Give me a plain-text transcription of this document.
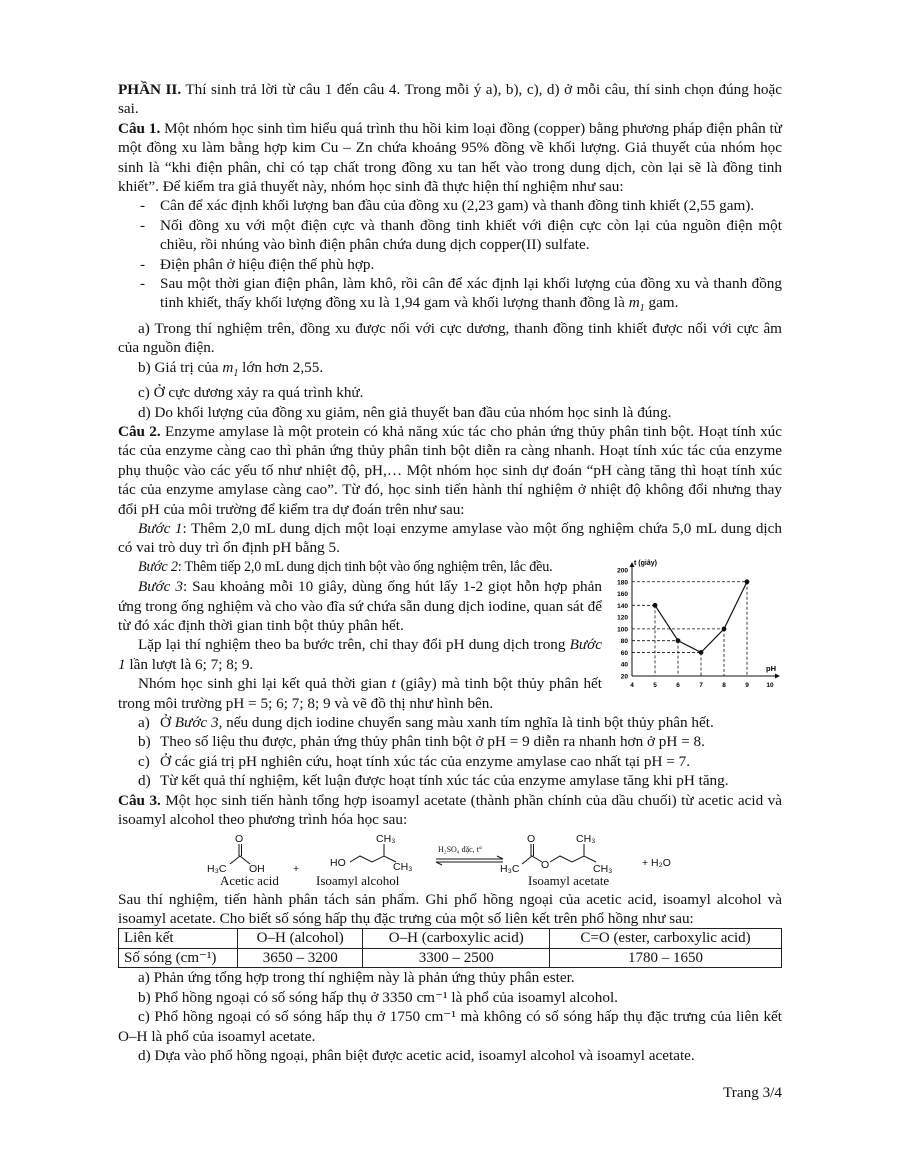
PHẦN II. Thí sinh trả lời từ câu 1 đến câu 4. Trong mỗi ý a), b), c), d) ở mỗi câu, thí sinh chọn đúng hoặc sai.

Câu 1. Một nhóm học sinh tìm hiểu quá trình thu hồi kim loại đồng (copper) bằng phương pháp điện phân từ một đồng xu làm bằng hợp kim Cu – Zn chứa khoảng 95% đồng về khối lượng. Giả thuyết của nhóm học sinh là “khi điện phân, chỉ có tạp chất trong đồng xu tan hết vào trong dung dịch, còn lại sẽ là đồng tinh khiết”. Để kiểm tra giả thuyết này, nhóm học sinh đã thực hiện thí nghiệm như sau:

- Cân để xác định khối lượng ban đầu của đồng xu (2,23 gam) và thanh đồng tinh khiết (2,55 gam).
- Nối đồng xu với một điện cực và thanh đồng tinh khiết với điện cực còn lại của nguồn điện một chiều, rồi nhúng vào bình điện phân chứa dung dịch copper(II) sulfate.
- Điện phân ở hiệu điện thế phù hợp.
- Sau một thời gian điện phân, làm khô, rồi cân để xác định lại khối lượng của đồng xu và thanh đồng tinh khiết, thấy khối lượng đồng xu là 1,94 gam và khối lượng thanh đồng là $m_1$ gam.

a) Trong thí nghiệm trên, đồng xu được nối với cực dương, thanh đồng tinh khiết được nối với cực âm của nguồn điện.

b) Giá trị của $m_1$ lớn hơn 2,55.

c) Ở cực dương xảy ra quá trình khử.

d) Do khối lượng của đồng xu giảm, nên giả thuyết ban đầu của nhóm học sinh là đúng.

Câu 2. Enzyme amylase là một protein có khả năng xúc tác cho phản ứng thủy phân tinh bột. Hoạt tính xúc tác của enzyme càng cao thì phản ứng thủy phân tinh bột diễn ra càng nhanh. Hoạt tính xúc tác của enzyme phụ thuộc vào các yếu tố như nhiệt độ, pH,… Một nhóm học sinh dự đoán “pH càng tăng thì hoạt tính xúc tác của enzyme amylase càng cao”. Từ đó, học sinh tiến hành thí nghiệm ở nhiệt độ không đổi nhưng thay đổi pH của môi trường để kiểm tra dự đoán trên như sau:

Bước 1: Thêm 2,0 mL dung dịch một loại enzyme amylase vào một ống nghiệm chứa 5,0 mL dung dịch có vai trò duy trì ổn định pH bằng 5.

20
40
60
80
100
120
140
160
180
200
4	5	6	7	8	9	10
t (giây)
pH

Bước 2: Thêm tiếp 2,0 mL dung dịch tinh bột vào ống nghiệm trên, lắc đều.

Bước 3: Sau khoảng mỗi 10 giây, dùng ống hút lấy 1-2 giọt hỗn hợp phản ứng trong ống nghiệm và cho vào đĩa sứ chứa sẵn dung dịch iodine, quan sát để từ đó xác định thời gian tinh bột thủy phân hết.

Lặp lại thí nghiệm theo ba bước trên, chỉ thay đổi pH dung dịch trong Bước 1 lần lượt là 6; 7; 8; 9.

Nhóm học sinh ghi lại kết quả thời gian t (giây) mà tinh bột thủy phân hết trong môi trường pH = 5; 6; 7; 8; 9 và vẽ đồ thị như hình bên.

a) Ở Bước 3, nếu dung dịch iodine chuyển sang màu xanh tím nghĩa là tinh bột thủy phân hết.
b) Theo số liệu thu được, phản ứng thủy phân tinh bột ở pH = 9 diễn ra nhanh hơn ở pH = 8.
c) Ở các giá trị pH nghiên cứu, hoạt tính xúc tác của enzyme amylase cao nhất tại pH = 7.
d) Từ kết quả thí nghiệm, kết luận được hoạt tính xúc tác của enzyme amylase tăng khi pH tăng.

Câu 3. Một học sinh tiến hành tổng hợp isoamyl acetate (thành phần chính của dầu chuối) từ acetic acid và isoamyl alcohol theo phương trình hóa học sau:

O
H₃C OH	+	HO
CH₃
CH₃
H₂SO₄ đặc, t°
O
H₃C O
CH₃
CH₃	+ H₂O
Acetic acid	Isoamyl alcohol	Isoamyl acetate

Sau thí nghiệm, tiến hành phân tách sản phẩm. Ghi phổ hồng ngoại của acetic acid, isoamyl alcohol và isoamyl acetate. Cho biết số sóng hấp thụ đặc trưng của một số liên kết trên phổ hồng như sau:

Liên kết	O–H (alcohol)	O–H (carboxylic acid)	C=O (ester, carboxylic acid)
Số sóng (cm⁻¹)	3650 – 3200	3300 – 2500	1780 – 1650

a) Phản ứng tổng hợp trong thí nghiệm này là phản ứng thủy phân ester.

b) Phổ hồng ngoại có số sóng hấp thụ ở 3350 cm⁻¹ là phổ của isoamyl alcohol.

c) Phổ hồng ngoại có số sóng hấp thụ ở 1750 cm⁻¹ mà không có số sóng hấp thụ đặc trưng của liên kết O–H là phổ của isoamyl acetate.

d) Dựa vào phổ hồng ngoại, phân biệt được acetic acid, isoamyl alcohol và isoamyl acetate.

Trang 3/4
